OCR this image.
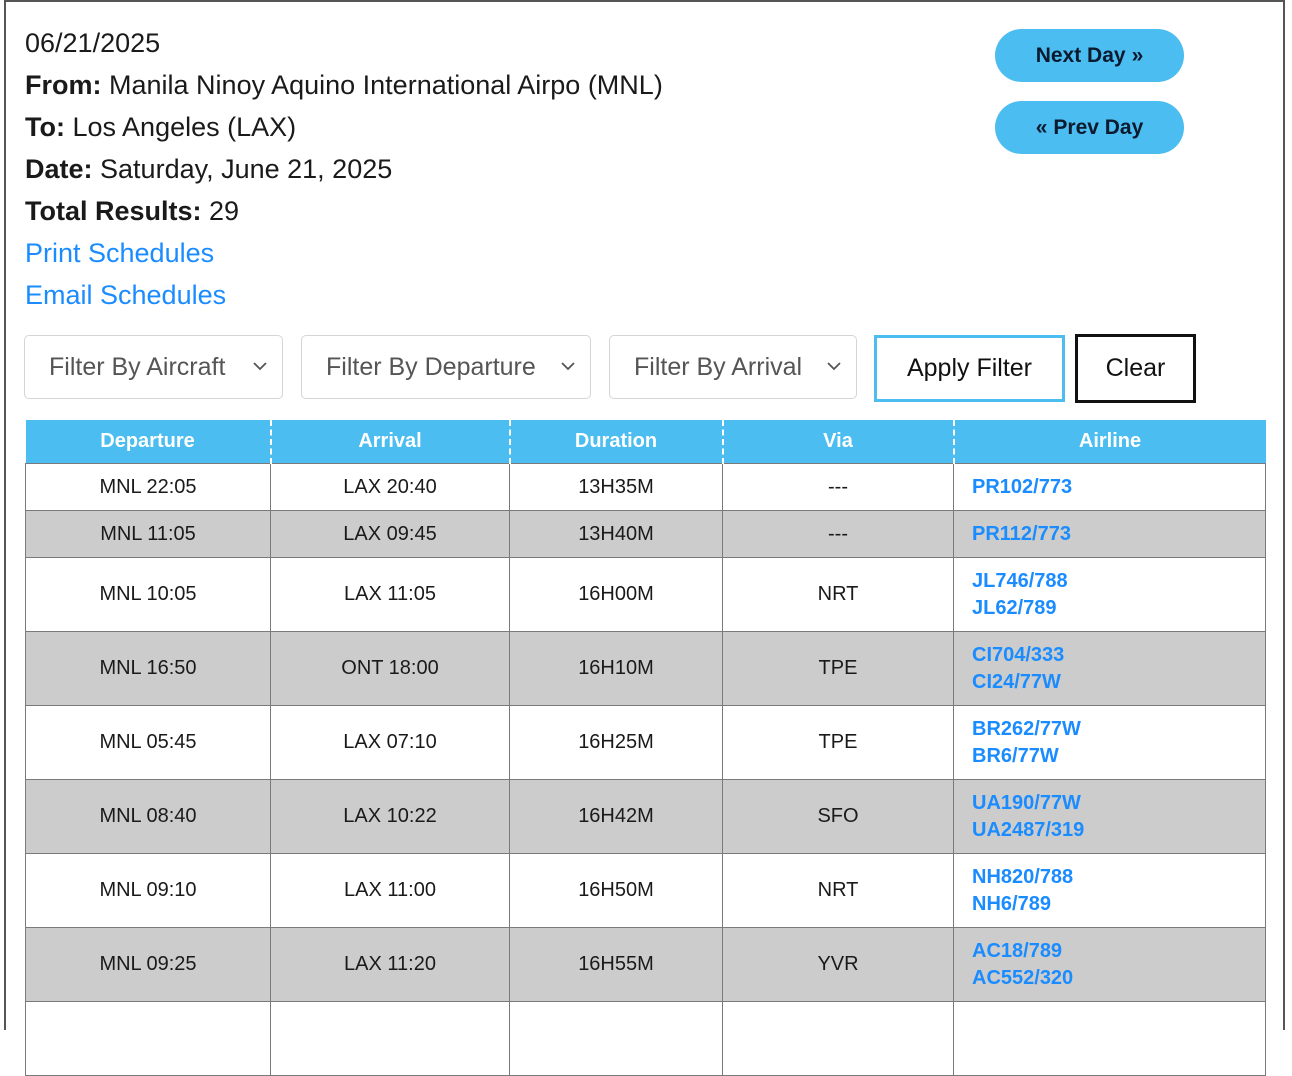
06/21/2025
From: Manila Ninoy Aquino International Airpo (MNL)
To: Los Angeles (LAX)
Date: Saturday, June 21, 2025
Total Results: 29
Print Schedules
Email Schedules
Next Day »
« Prev Day
Filter By Aircraft	Filter By Departure	Filter By Arrival	Apply Filter	Clear
Departure	Arrival	Duration	Via	Airline
MNL 22:05	LAX 20:40	13H35M	---	PR102/773

MNL 11:05	LAX 09:45	13H40M	---	PR112/773

MNL 10:05	LAX 11:05	16H00M	NRT	JL746/788
JL62/789

MNL 16:50	ONT 18:00	16H10M	TPE	CI704/333
CI24/77W

MNL 05:45	LAX 07:10	16H25M	TPE	BR262/77W
BR6/77W

MNL 08:40	LAX 10:22	16H42M	SFO	UA190/77W
UA2487/319

MNL 09:10	LAX 11:00	16H50M	NRT	NH820/788
NH6/789

MNL 09:25	LAX 11:20	16H55M	YVR	AC18/789
AC552/320
